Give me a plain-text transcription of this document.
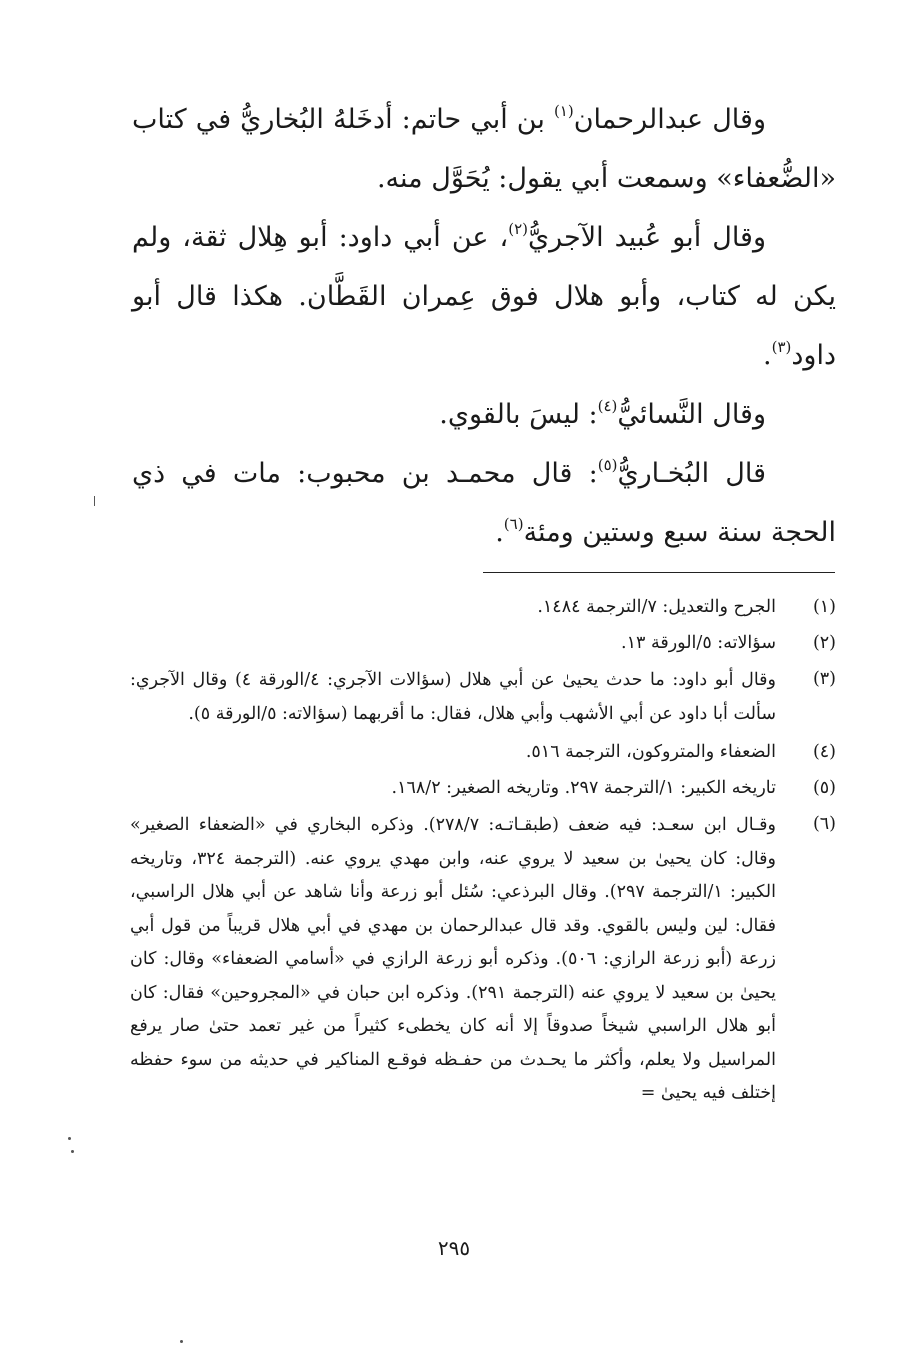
وقال عبدالرحمان$^{(١)}$ بن أبي حاتم: أدخَلهُ البُخاريُّ في كتاب «الضُّعفاء» وسمعت أبي يقول: يُحَوَّل منه.

وقال أبو عُبيد الآجريُّ$^{(٢)}$، عن أبي داود: أبو هِلال ثقة، ولم يكن له كتاب، وأبو هلال فوق عِمران القَطَّان. هكذا قال أبو داود$^{(٣)}$.

وقال النَّسائيُّ$^{(٤)}$: ليسَ بالقوي.

قال البُخـاريُّ$^{(٥)}$: قال محمـد بن محبوب: مات في ذي الحجة سنة سبع وستين ومئة$^{(٦)}$.

(١)
الجرح والتعديل: ٧/الترجمة ١٤٨٤.
(٢)
سؤالاته: ٥/الورقة ١٣.
(٣)
وقال أبو داود: ما حدث يحيىٰ عن أبي هلال (سؤالات الآجري: ٤/الورقة ٤) وقال الآجري: سألت أبا داود عن أبي الأشهب وأبي هلال، فقال: ما أقربهما (سؤالاته: ٥/الورقة ٥).
(٤)
الضعفاء والمتروكون، الترجمة ٥١٦.
(٥)
تاريخه الكبير: ١/الترجمة ٢٩٧. وتاريخه الصغير: ١٦٨/٢.
(٦)
وقـال ابن سعـد: فيه ضعف (طبقـاتـه: ٢٧٨/٧). وذكره البخاري في «الضعفاء الصغير» وقال: كان يحيىٰ بن سعيد لا يروي عنه، وابن مهدي يروي عنه. (الترجمة ٣٢٤، وتاريخه الكبير: ١/الترجمة ٢٩٧). وقال البرذعي: سُئل أبو زرعة وأنا شاهد عن أبي هلال الراسبي، فقال: لين وليس بالقوي. وقد قال عبدالرحمان بن مهدي في أبي هلال قريباً من قول أبي زرعة (أبو زرعة الرازي: ٥٠٦). وذكره أبو زرعة الرازي في «أسامي الضعفاء» وقال: كان يحيىٰ بن سعيد لا يروي عنه (الترجمة ٢٩١). وذكره ابن حبان في «المجروحين» فقال: كان أبو هلال الراسبي شيخاً صدوقاً إلا أنه كان يخطىء كثيراً من غير تعمد حتىٰ صار يرفع المراسيل ولا يعلم، وأكثر ما يحـدث من حفـظه فوقـع المناكير في حديثه من سوء حفظه إختلف فيه يحيىٰ =
٢٩٥
